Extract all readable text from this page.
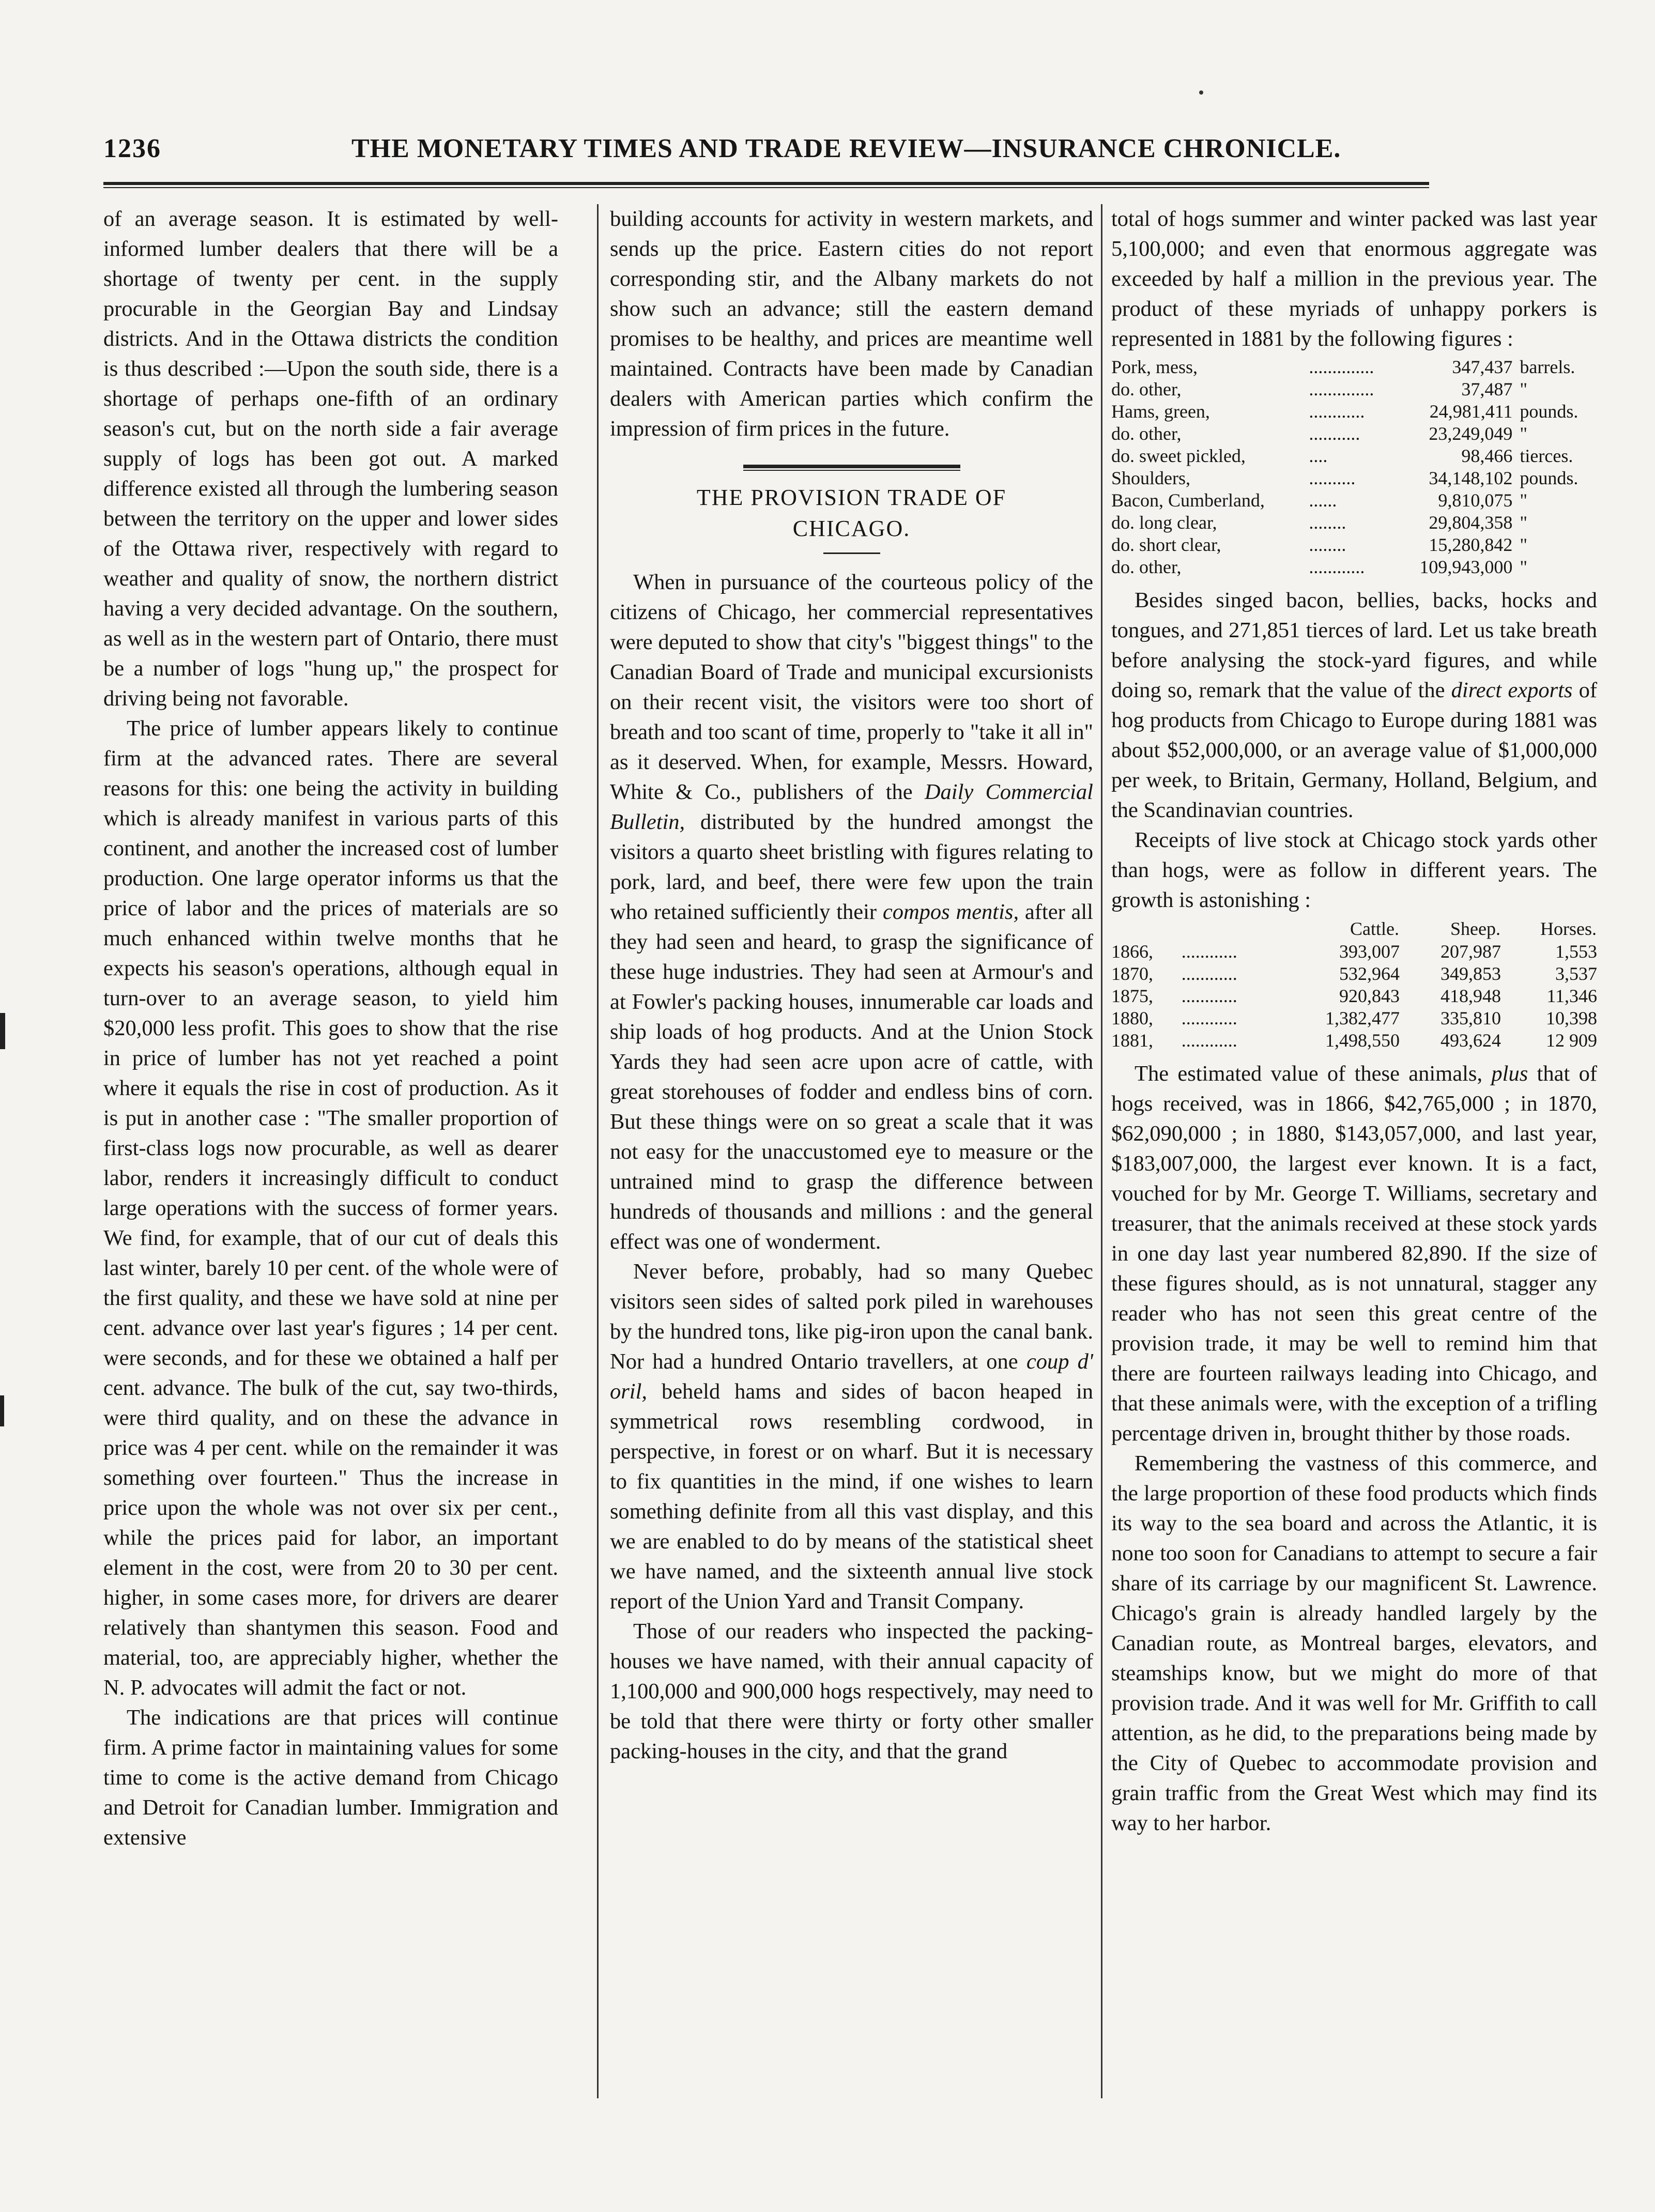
1236	THE MONETARY TIMES AND TRADE REVIEW—INSURANCE CHRONICLE.

of an average season. It is estimated by well-informed lumber dealers that there will be a shortage of twenty per cent. in the supply procurable in the Georgian Bay and Lindsay districts. And in the Ottawa districts the condition is thus described :—Upon the south side, there is a shortage of perhaps one-fifth of an ordinary season's cut, but on the north side a fair average supply of logs has been got out. A marked difference existed all through the lumbering season between the territory on the upper and lower sides of the Ottawa river, respectively with regard to weather and quality of snow, the northern district having a very decided advantage. On the southern, as well as in the western part of Ontario, there must be a number of logs "hung up," the prospect for driving being not favorable.

The price of lumber appears likely to continue firm at the advanced rates. There are several reasons for this: one being the activity in building which is already manifest in various parts of this continent, and another the increased cost of lumber production. One large operator informs us that the price of labor and the prices of materials are so much enhanced within twelve months that he expects his season's operations, although equal in turn-over to an average season, to yield him $20,000 less profit. This goes to show that the rise in price of lumber has not yet reached a point where it equals the rise in cost of production. As it is put in another case : "The smaller proportion of first-class logs now procurable, as well as dearer labor, renders it increasingly difficult to conduct large operations with the success of former years. We find, for example, that of our cut of deals this last winter, barely 10 per cent. of the whole were of the first quality, and these we have sold at nine per cent. advance over last year's figures ; 14 per cent. were seconds, and for these we obtained a half per cent. advance. The bulk of the cut, say two-thirds, were third quality, and on these the advance in price was 4 per cent. while on the remainder it was something over fourteen." Thus the increase in price upon the whole was not over six per cent., while the prices paid for labor, an important element in the cost, were from 20 to 30 per cent. higher, in some cases more, for drivers are dearer relatively than shantymen this season. Food and material, too, are appreciably higher, whether the N. P. advocates will admit the fact or not.

The indications are that prices will continue firm. A prime factor in maintaining values for some time to come is the active demand from Chicago and Detroit for Canadian lumber. Immigration and extensive

building accounts for activity in western markets, and sends up the price. Eastern cities do not report corresponding stir, and the Albany markets do not show such an advance; still the eastern demand promises to be healthy, and prices are meantime well maintained. Contracts have been made by Canadian dealers with American parties which confirm the impression of firm prices in the future.

THE PROVISION TRADE OF
CHICAGO.

When in pursuance of the courteous policy of the citizens of Chicago, her commercial representatives were deputed to show that city's "biggest things" to the Canadian Board of Trade and municipal excursionists on their recent visit, the visitors were too short of breath and too scant of time, properly to "take it all in" as it deserved. When, for example, Messrs. Howard, White & Co., publishers of the Daily Commercial Bulletin, distributed by the hundred amongst the visitors a quarto sheet bristling with figures relating to pork, lard, and beef, there were few upon the train who retained sufficiently their compos mentis, after all they had seen and heard, to grasp the significance of these huge industries. They had seen at Armour's and at Fowler's packing houses, innumerable car loads and ship loads of hog products. And at the Union Stock Yards they had seen acre upon acre of cattle, with great storehouses of fodder and endless bins of corn. But these things were on so great a scale that it was not easy for the unaccustomed eye to measure or the untrained mind to grasp the difference between hundreds of thousands and millions : and the general effect was one of wonderment.

Never before, probably, had so many Quebec visitors seen sides of salted pork piled in warehouses by the hundred tons, like pig-iron upon the canal bank. Nor had a hundred Ontario travellers, at one coup d' oril, beheld hams and sides of bacon heaped in symmetrical rows resembling cordwood, in perspective, in forest or on wharf. But it is necessary to fix quantities in the mind, if one wishes to learn something definite from all this vast display, and this we are enabled to do by means of the statistical sheet we have named, and the sixteenth annual live stock report of the Union Yard and Transit Company.

Those of our readers who inspected the packing-houses we have named, with their annual capacity of 1,100,000 and 900,000 hogs respectively, may need to be told that there were thirty or forty other smaller packing-houses in the city, and that the grand

total of hogs summer and winter packed was last year 5,100,000; and even that enormous aggregate was exceeded by half a million in the previous year. The product of these myriads of unhappy porkers is represented in 1881 by the following figures :

Pork, mess,	..............	347,437	barrels.
do. other,	..............	37,487	"
Hams, green,	............	24,981,411	pounds.
do. other,	...........	23,249,049	"
do. sweet pickled,	....	98,466	tierces.
Shoulders,	..........	34,148,102	pounds.
Bacon, Cumberland,	......	9,810,075	"
do. long clear,	........	29,804,358	"
do. short clear,	........	15,280,842	"
do. other,	............	109,943,000	"

Besides singed bacon, bellies, backs, hocks and tongues, and 271,851 tierces of lard. Let us take breath before analysing the stock-yard figures, and while doing so, remark that the value of the direct exports of hog products from Chicago to Europe during 1881 was about $52,000,000, or an average value of $1,000,000 per week, to Britain, Germany, Holland, Belgium, and the Scandinavian countries.

Receipts of live stock at Chicago stock yards other than hogs, were as follow in different years. The growth is astonishing :

		Cattle.	Sheep.	Horses.
1866,	............	393,007	207,987	1,553
1870,	............	532,964	349,853	3,537
1875,	............	920,843	418,948	11,346
1880,	............	1,382,477	335,810	10,398
1881,	............	1,498,550	493,624	12 909

The estimated value of these animals, plus that of hogs received, was in 1866, $42,765,000 ; in 1870, $62,090,000 ; in 1880, $143,057,000, and last year, $183,007,000, the largest ever known. It is a fact, vouched for by Mr. George T. Williams, secretary and treasurer, that the animals received at these stock yards in one day last year numbered 82,890. If the size of these figures should, as is not unnatural, stagger any reader who has not seen this great centre of the provision trade, it may be well to remind him that there are fourteen railways leading into Chicago, and that these animals were, with the exception of a trifling percentage driven in, brought thither by those roads.

Remembering the vastness of this commerce, and the large proportion of these food products which finds its way to the sea board and across the Atlantic, it is none too soon for Canadians to attempt to secure a fair share of its carriage by our magnificent St. Lawrence. Chicago's grain is already handled largely by the Canadian route, as Montreal barges, elevators, and steamships know, but we might do more of that provision trade. And it was well for Mr. Griffith to call attention, as he did, to the preparations being made by the City of Quebec to accommodate provision and grain traffic from the Great West which may find its way to her harbor.
